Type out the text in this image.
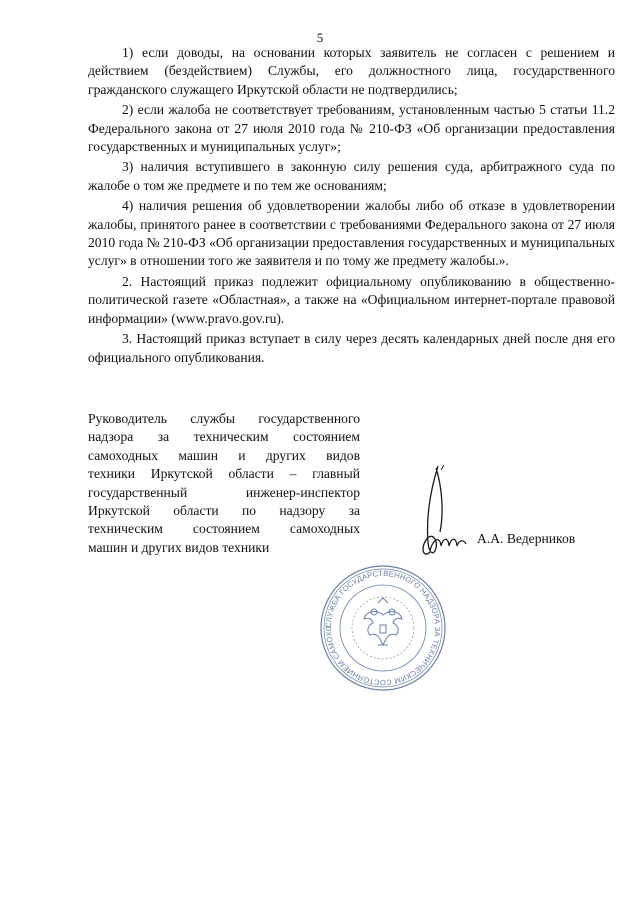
5

1) если доводы, на основании которых заявитель не согласен с решением и действием (бездействием) Службы, его должностного лица, государственного гражданского служащего Иркутской области не подтвердились;

2) если жалоба не соответствует требованиям, установленным частью 5 статьи 11.2 Федерального закона от 27 июля 2010 года № 210-ФЗ «Об организации предоставления государственных и муниципальных услуг»;

3) наличия вступившего в законную силу решения суда, арбитражного суда по жалобе о том же предмете и по тем же основаниям;

4) наличия решения об удовлетворении жалобы либо об отказе в удовлетворении жалобы, принятого ранее в соответствии с требованиями Федерального закона от 27 июля 2010 года № 210-ФЗ «Об организации предоставления государственных и муниципальных услуг» в отношении того же заявителя и по тому же предмету жалобы.».

2. Настоящий приказ подлежит официальному опубликованию в общественно-политической газете «Областная», а также на «Официальном интернет-портале правовой информации» (www.pravo.gov.ru).

3. Настоящий приказ вступает в силу через десять календарных дней после дня его официального опубликования.

Руководитель службы государственного
надзора за техническим состоянием
самоходных машин и других видов
техники Иркутской области – главный
государственный инженер-инспектор
Иркутской области по надзору за
техническим состоянием самоходных
машин и других видов техники
А.А. Ведерников
СЛУЖБА ГОСУДАРСТВЕННОГО НАДЗОРА ЗА ТЕХНИЧЕСКИМ СОСТОЯНИЕМ САМОХО
